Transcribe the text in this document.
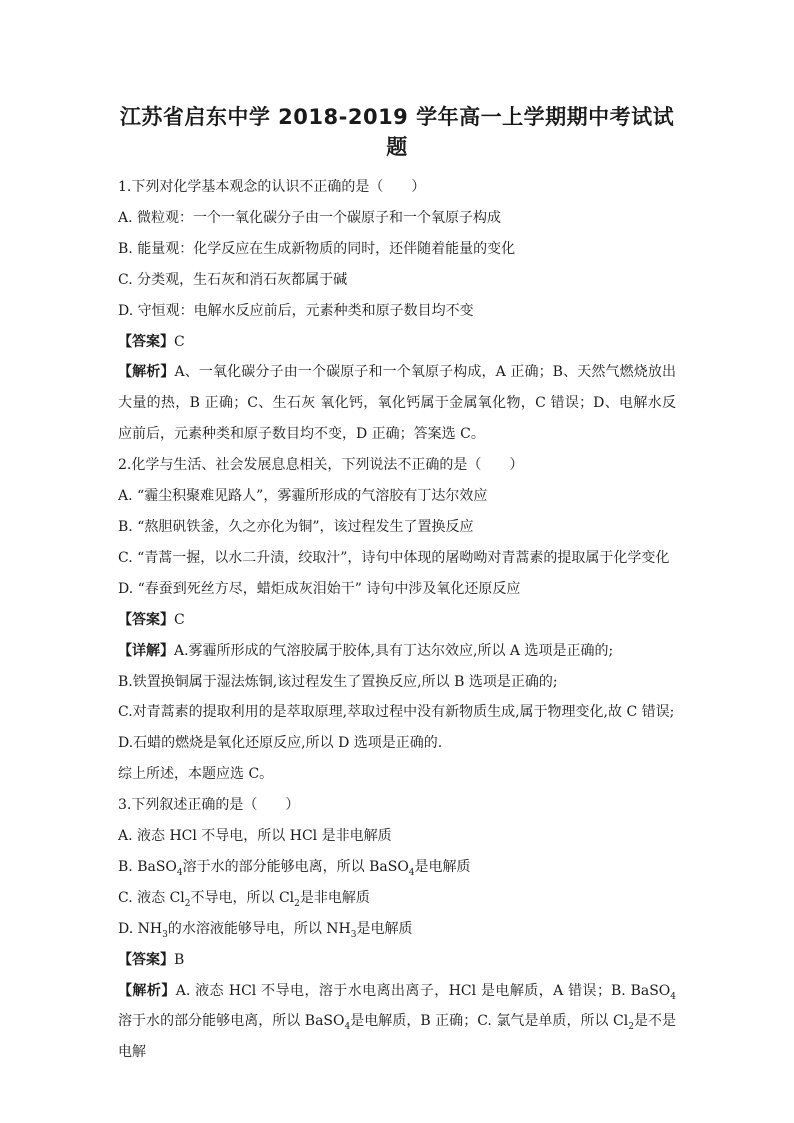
江苏省启东中学 2018-2019 学年高一上学期期中考试试题

1.下列对化学基本观念的认识不正确的是（　　）

A. 微粒观：一个一氧化碳分子由一个碳原子和一个氧原子构成

B. 能量观：化学反应在生成新物质的同时，还伴随着能量的变化

C. 分类观，生石灰和消石灰都属于碱

D. 守恒观：电解水反应前后，元素种类和原子数目均不变

【答案】C

【解析】A、一氧化碳分子由一个碳原子和一个氧原子构成，A 正确；B、天然气燃烧放出大量的热，B 正确；C、生石灰 氧化钙，氧化钙属于金属氧化物，C 错误；D、电解水反应前后，元素种类和原子数目均不变，D 正确；答案选 C。

2.化学与生活、社会发展息息相关，下列说法不正确的是（　　）

A. “霾尘积聚难见路人”，雾霾所形成的气溶胶有丁达尔效应

B. “熬胆矾铁釜，久之亦化为铜”，该过程发生了置换反应

C. “青蒿一握，以水二升渍，绞取汁”，诗句中体现的屠呦呦对青蒿素的提取属于化学变化

D. “春蚕到死丝方尽，蜡炬成灰泪始干” 诗句中涉及氧化还原反应

【答案】C

【详解】A.雾霾所形成的气溶胶属于胶体,具有丁达尔效应,所以 A 选项是正确的;

B.铁置换铜属于湿法炼铜,该过程发生了置换反应,所以 B 选项是正确的;

C.对青蒿素的提取利用的是萃取原理,萃取过程中没有新物质生成,属于物理变化,故 C 错误;

D.石蜡的燃烧是氧化还原反应,所以 D 选项是正确的.

综上所述，本题应选 C。

3.下列叙述正确的是（　　）

A. 液态 HCl 不导电，所以 HCl 是非电解质

B. BaSO$_4$溶于水的部分能够电离，所以 BaSO$_4$是电解质

C. 液态 $Cl_2$不导电，所以 $Cl_2$是非电解质

D. $NH_3$的水溶液能够导电，所以 $NH_3$是电解质

【答案】B

【解析】A. 液态 HCl 不导电，溶于水电离出离子，HCl 是电解质，A 错误；B. BaSO$_4$溶于水的部分能够电离，所以 BaSO$_4$是电解质，B 正确；C. 氯气是单质，所以 $Cl_2$是不是电解
